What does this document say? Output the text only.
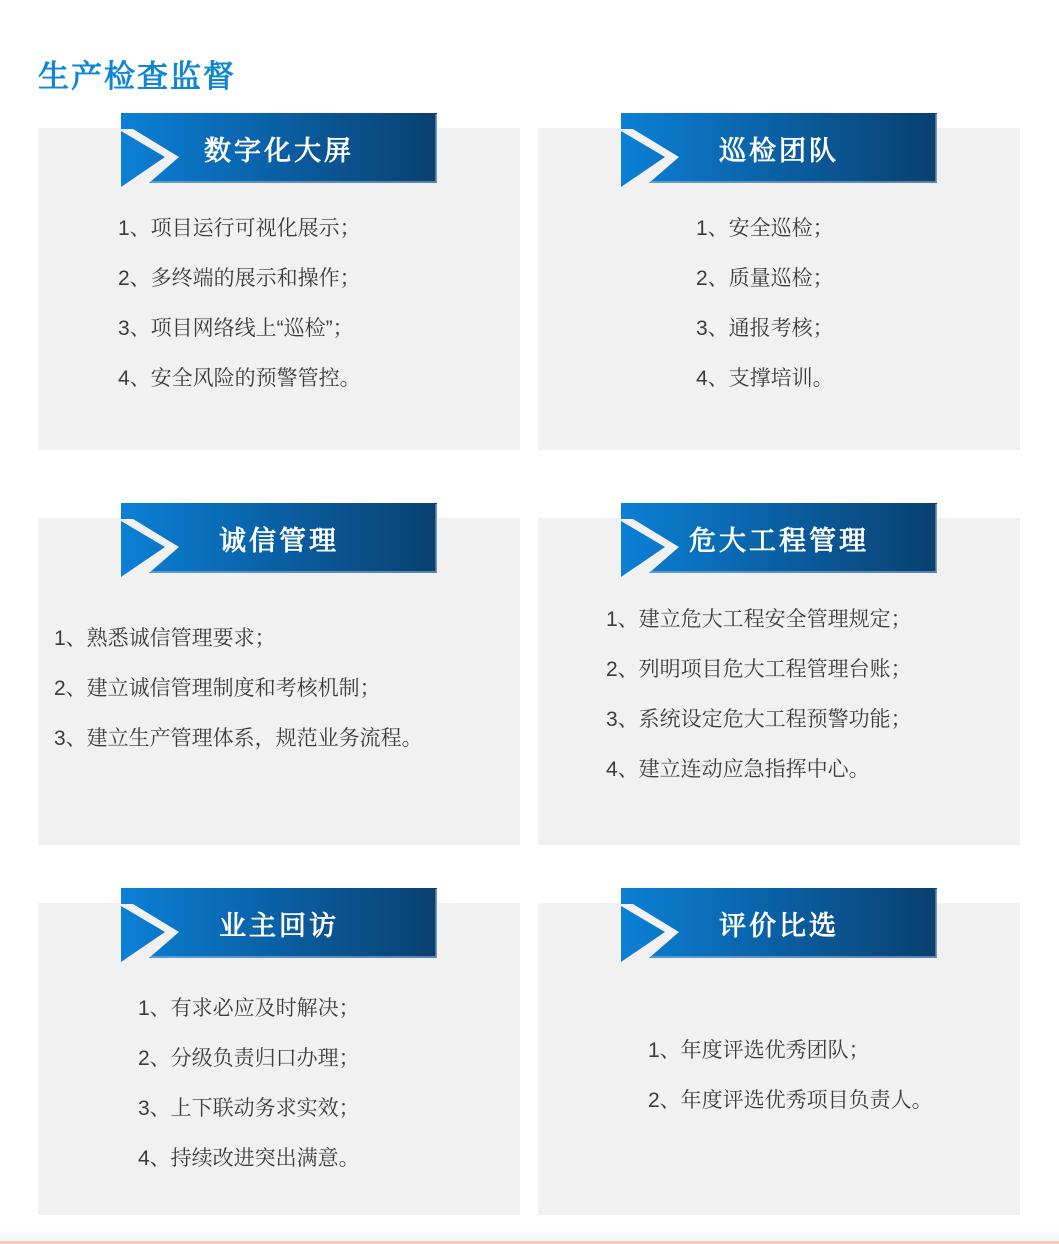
生产检查监督
数字化大屏
1、项目运行可视化展示；
2、多终端的展示和操作；
3、项目网络线上“巡检”；
4、安全风险的预警管控。
巡检团队
1、安全巡检；
2、质量巡检；
3、通报考核；
4、支撑培训。
诚信管理
1、熟悉诚信管理要求；
2、建立诚信管理制度和考核机制；
3、建立生产管理体系，规范业务流程。
危大工程管理
1、建立危大工程安全管理规定；
2、列明项目危大工程管理台账；
3、系统设定危大工程预警功能；
4、建立连动应急指挥中心。
业主回访
1、有求必应及时解决；
2、分级负责归口办理；
3、上下联动务求实效；
4、持续改进突出满意。
评价比选
1、年度评选优秀团队；
2、年度评选优秀项目负责人。
